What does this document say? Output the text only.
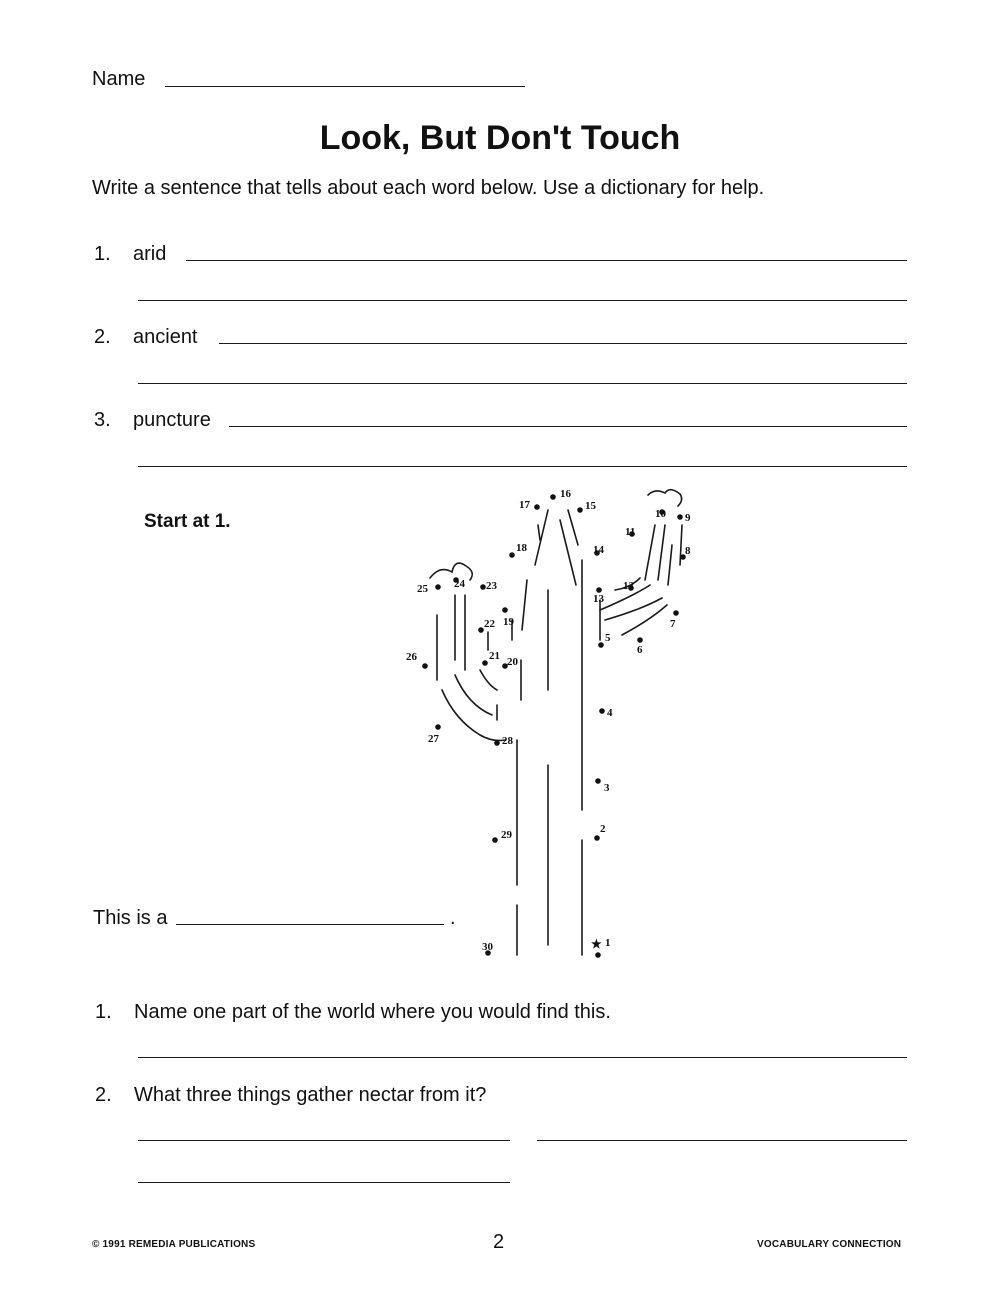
Name
Look, But Don't Touch
Write a sentence that tells about each word below. Use a dictionary for help.
1. arid
2. ancient
3. puncture
Start at 1.
1
2
3
4
5
6
7
8
9
10
11
12
13
14
15
16
17
18
19
20
21
22
23
24
25
26
27	28
29
30	★
This is a	.
1. Name one part of the world where you would find this.
2. What three things gather nectar from it?
© 1991 REMEDIA PUBLICATIONS	2	VOCABULARY CONNECTION
